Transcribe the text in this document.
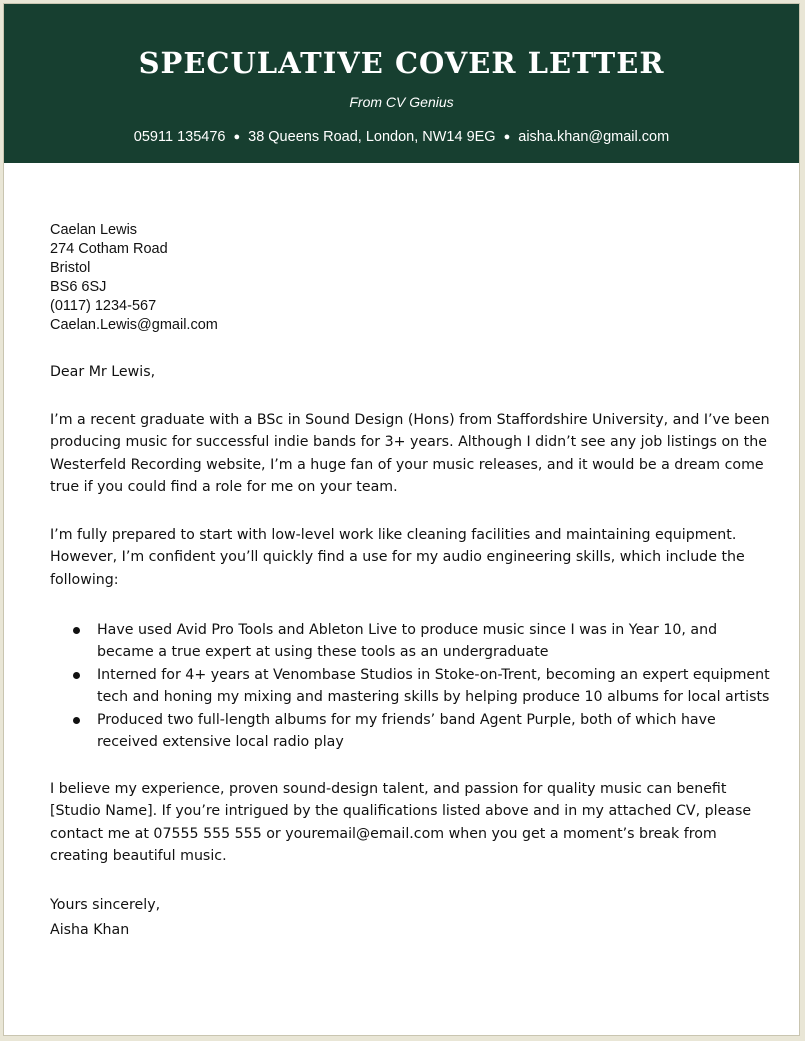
SPECULATIVE COVER LETTER
From CV Genius
05911 135476 ● 38 Queens Road, London, NW14 9EG ● aisha.khan@gmail.com
Caelan Lewis
274 Cotham Road
Bristol
BS6 6SJ
(0117) 1234-567
Caelan.Lewis@gmail.com

Dear Mr Lewis,

I’m a recent graduate with a BSc in Sound Design (Hons) from Staffordshire University, and I’ve been producing music for successful indie bands for 3+ years. Although I didn’t see any job listings on the Westerfeld Recording website, I’m a huge fan of your music releases, and it would be a dream come true if you could find a role for me on your team.

I’m fully prepared to start with low-level work like cleaning facilities and maintaining equipment. However, I’m confident you’ll quickly find a use for my audio engineering skills, which include the following:

Have used Avid Pro Tools and Ableton Live to produce music since I was in Year 10, and became a true expert at using these tools as an undergraduate
Interned for 4+ years at Venombase Studios in Stoke-on-Trent, becoming an expert equipment tech and honing my mixing and mastering skills by helping produce 10 albums for local artists
Produced two full-length albums for my friends’ band Agent Purple, both of which have received extensive local radio play

I believe my experience, proven sound-design talent, and passion for quality music can benefit [Studio Name]. If you’re intrigued by the qualifications listed above and in my attached CV, please contact me at 07555 555 555 or youremail@email.com when you get a moment’s break from creating beautiful music.

Yours sincerely,

Aisha Khan
